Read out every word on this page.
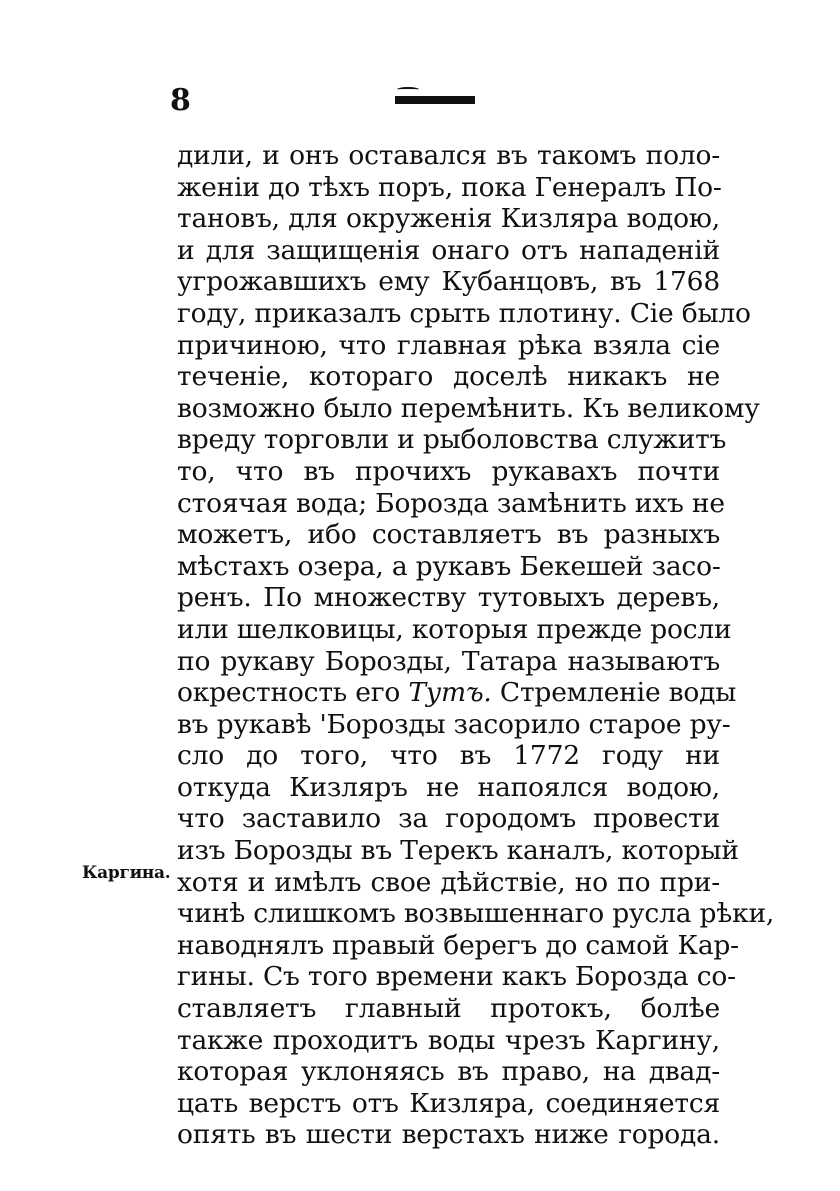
8
Каргина.
дили, и онъ оставался въ такомъ поло-
женіи до тѣхъ поръ, пока Генералъ По-
тановъ, для окруженія Кизляра водою,
и для защищенія онаго отъ нападеній
угрожавшихъ ему Кубанцовъ, въ 1768
году, приказалъ срыть плотину. Сіе было
причиною, что главная рѣка взяла сіе
теченіе, котораго доселѣ никакъ не
возможно было перемѣнить. Къ великому
вреду торговли и рыболовства служитъ
то, что въ прочихъ рукавахъ почти
стоячая вода; Бороздa замѣнить ихъ не
можетъ, ибо составляетъ въ разныхъ
мѣстахъ озера, а рукавъ Бекешей засо-
ренъ. По множеству тутовыхъ деревъ,
или шелковицы, которыя прежде росли
по рукаву Борозды, Татара называютъ
окрестность его Тутъ. Стремленіе воды
въ рукавѣ 'Борозды засорило старое ру-
сло до того, что въ 1772 году ни
откуда Кизляръ не напоялся водою,
что заставило за городомъ провести
изъ Борозды въ Терекъ каналъ, который
хотя и имѣлъ свое дѣйствіе, но по при-
чинѣ слишкомъ возвышеннаго русла рѣки,
наводнялъ правый берегъ до самой Кар-
гины. Съ того времени какъ Борозда со-
ставляетъ главный протокъ, болѣе
также проходитъ воды чрезъ Каргину,
которая уклоняясь въ право, на двад-
цать верстъ отъ Кизляра, соединяется
опять въ шести верстахъ ниже города.
